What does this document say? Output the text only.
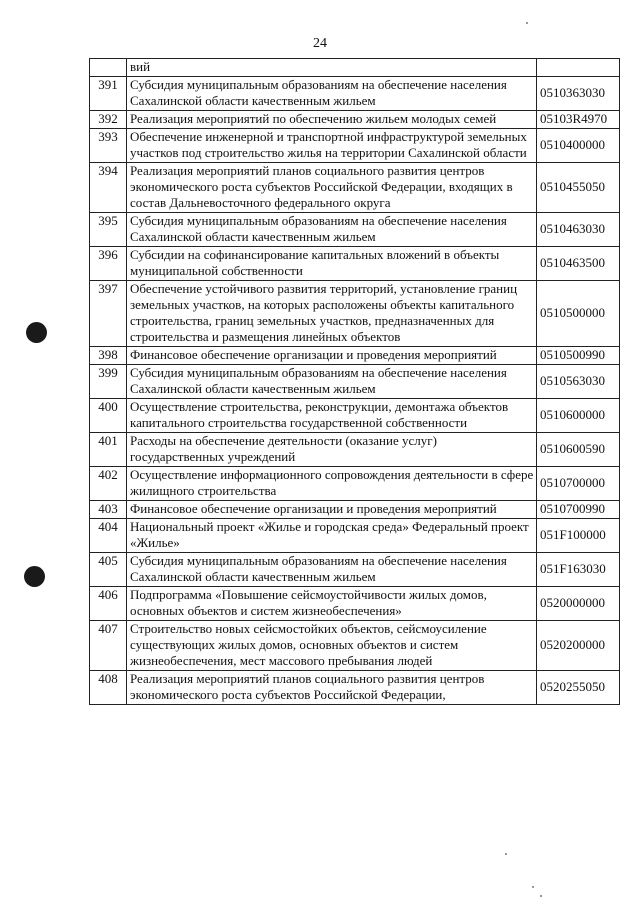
24
	вий	
391	Субсидия муниципальным образованиям на обеспечение населения Сахалинской области качественным жильем	0510363030
392	Реализация мероприятий по обеспечению жильем молодых семей	05103R4970
393	Обеспечение инженерной и транспортной инфраструктурой земельных участков под строительство жилья на территории Сахалинской области	0510400000
394	Реализация мероприятий планов социального развития центров экономического роста субъектов Российской Федерации, входящих в состав Дальневосточного федерального округа	0510455050
395	Субсидия муниципальным образованиям на обеспечение населения Сахалинской области качественным жильем	0510463030
396	Субсидии на софинансирование капитальных вложений в объекты муниципальной собственности	0510463500
397	Обеспечение устойчивого развития территорий, установление границ земельных участков, на которых расположены объекты капитального строительства, границ земельных участков, предназначенных для строительства и размещения линейных объектов	0510500000
398	Финансовое обеспечение организации и проведения мероприятий	0510500990
399	Субсидия муниципальным образованиям на обеспечение населения Сахалинской области качественным жильем	0510563030
400	Осуществление строительства, реконструкции, демонтажа объектов капитального строительства государственной собственности	0510600000
401	Расходы на обеспечение деятельности (оказание услуг) государственных учреждений	0510600590
402	Осуществление информационного сопровождения деятельности в сфере жилищного строительства	0510700000
403	Финансовое обеспечение организации и проведения мероприятий	0510700990
404	Национальный проект «Жилье и городская среда» Федеральный проект «Жилье»	051F100000
405	Субсидия муниципальным образованиям на обеспечение населения Сахалинской области качественным жильем	051F163030
406	Подпрограмма «Повышение сейсмоустойчивости жилых домов, основных объектов и систем жизнеобеспечения»	0520000000
407	Строительство новых сейсмостойких объектов, сейсмоусиление существующих жилых домов, основных объектов и систем жизнеобеспечения, мест массового пребывания людей	0520200000
408	Реализация мероприятий планов социального развития центров экономического роста субъектов Российской Федерации,	0520255050
